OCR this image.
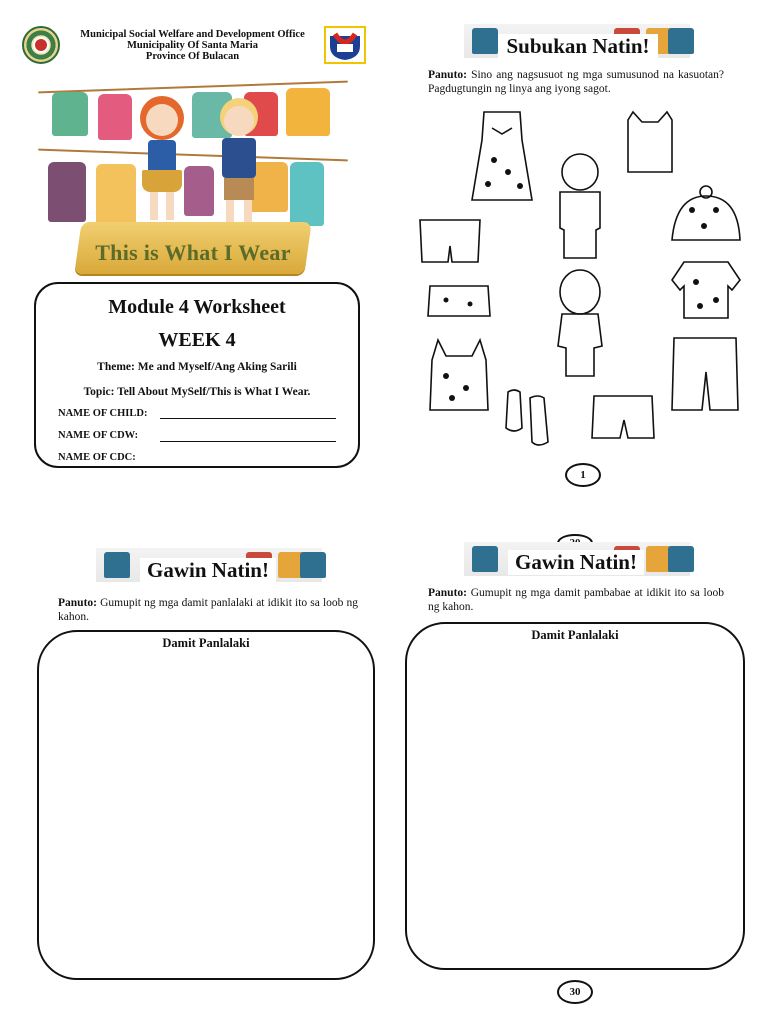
Municipal Social Welfare and Development Office
Municipality Of Santa Maria
Province Of Bulacan
This is What I Wear
Module 4 Worksheet
WEEK 4
Theme: Me and Myself/Ang Aking Sarili
Topic: Tell About MySelf/This is What I Wear.
NAME OF CHILD:
NAME OF CDW:
NAME OF CDC:
Subukan Natin!
Panuto: Sino ang nagsusuot ng mga sumusunod na kasuotan? Pagdugtungin ng linya ang iyong sagot.
1
Gawin Natin!
Panuto: Gumupit ng mga damit panlalaki at idikit ito sa loob ng kahon.
Damit Panlalaki
Gawin Natin!
Panuto: Gumupit ng mga damit pambabae at idikit ito sa loob ng kahon.
Damit Panlalaki
30
